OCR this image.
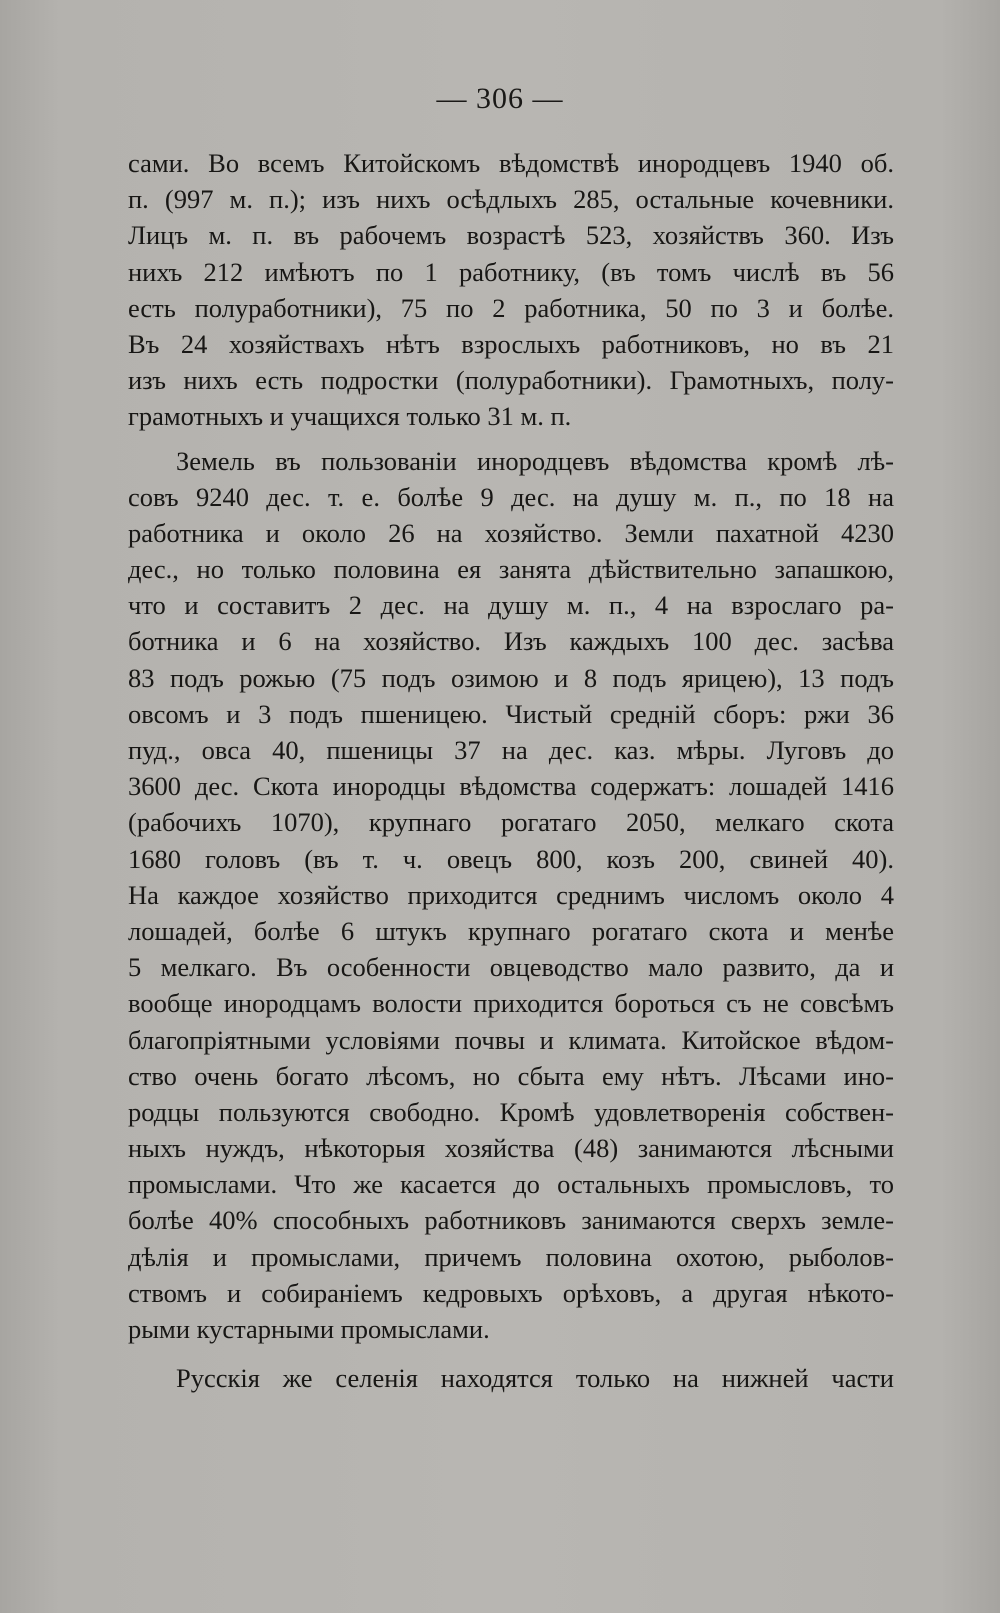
— 306 —
сами. Во всемъ Китойскомъ вѣдомствѣ инородцевъ 1940 об.
п. (997 м. п.); изъ нихъ осѣдлыхъ 285, остальные кочевники.
Лицъ м. п. въ рабочемъ возрастѣ 523, хозяйствъ 360. Изъ
нихъ 212 имѣютъ по 1 работнику, (въ томъ числѣ въ 56
есть полуработники), 75 по 2 работника, 50 по 3 и болѣе.
Въ 24 хозяйствахъ нѣтъ взрослыхъ работниковъ, но въ 21
изъ нихъ есть подростки (полуработники). Грамотныхъ, полу-
грамотныхъ и учащихся только 31 м. п.
Земель въ пользованіи инородцевъ вѣдомства кромѣ лѣ-
совъ 9240 дес. т. е. болѣе 9 дес. на душу м. п., по 18 на
работника и около 26 на хозяйство. Земли пахатной 4230
дес., но только половина ея занята дѣйствительно запашкою,
что и составитъ 2 дес. на душу м. п., 4 на взрослаго ра-
ботника и 6 на хозяйство. Изъ каждыхъ 100 дес. засѣва
83 подъ рожью (75 подъ озимою и 8 подъ ярицею), 13 подъ
овсомъ и 3 подъ пшеницею. Чистый средній сборъ: ржи 36
пуд., овса 40, пшеницы 37 на дес. каз. мѣры. Луговъ до
3600 дес. Скота инородцы вѣдомства содержатъ: лошадей 1416
(рабочихъ 1070), крупнаго рогатаго 2050, мелкаго скота
1680 головъ (въ т. ч. овецъ 800, козъ 200, свиней 40).
На каждое хозяйство приходится среднимъ числомъ около 4
лошадей, болѣе 6 штукъ крупнаго рогатаго скота и менѣе
5 мелкаго. Въ особенности овцеводство мало развито, да и
вообще инородцамъ волости приходится бороться съ не совсѣмъ
благопріятными условіями почвы и климата. Китойское вѣдом-
ство очень богато лѣсомъ, но сбыта ему нѣтъ. Лѣсами ино-
родцы пользуются свободно. Кромѣ удовлетворенія собствен-
ныхъ нуждъ, нѣкоторыя хозяйства (48) занимаются лѣсными
промыслами. Что же касается до остальныхъ промысловъ, то
болѣе 40% способныхъ работниковъ занимаются сверхъ земле-
дѣлія и промыслами, причемъ половина охотою, рыболов-
ствомъ и собираніемъ кедровыхъ орѣховъ, а другая нѣкото-
рыми кустарными промыслами.
Русскія же селенія находятся только на нижней части
